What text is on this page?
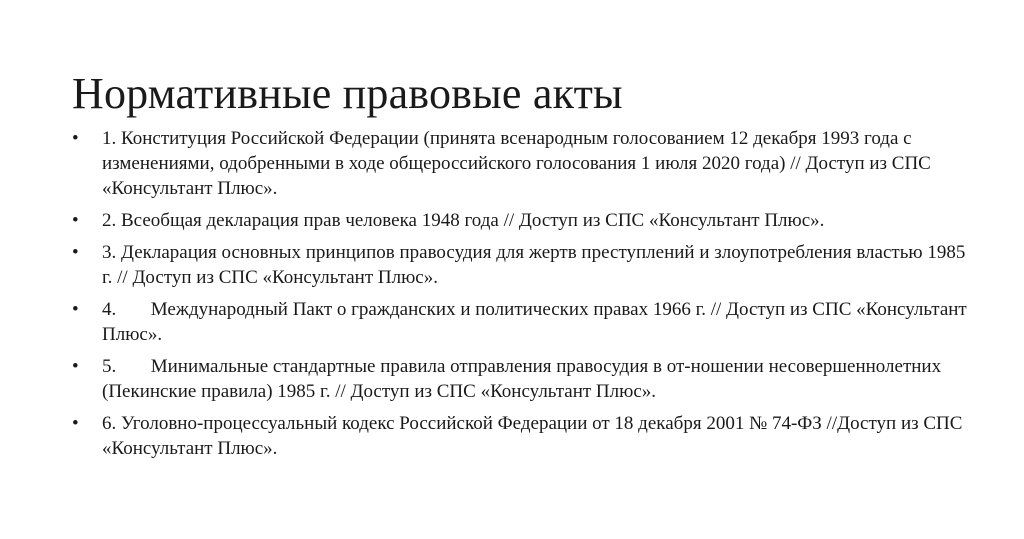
Нормативные правовые акты
•	1. Конституция Российской Федерации (принята всенародным голосованием 12 декабря 1993 года с изменениями, одобренными в ходе общероссийского голосования 1 июля 2020 года) // Доступ из СПС «Консультант Плюс».
•	2. Всеобщая декларация прав человека 1948 года // Доступ из СПС «Консультант Плюс».
•	3. Декларация основных принципов правосудия для жертв преступлений и злоупотребления властью 1985 г. // Доступ из СПС «Консультант Плюс».
•	4. Международный Пакт о гражданских и политических правах 1966 г. // Доступ из СПС «Консультант Плюс».
•	5. Минимальные стандартные правила отправления правосудия в от-ношении несовершеннолетних (Пекинские правила) 1985 г. // Доступ из СПС «Консультант Плюс».
•	6. Уголовно-процессуальный кодекс Российской Федерации от 18 декабря 2001 № 74-ФЗ //Доступ из СПС «Консультант Плюс».
